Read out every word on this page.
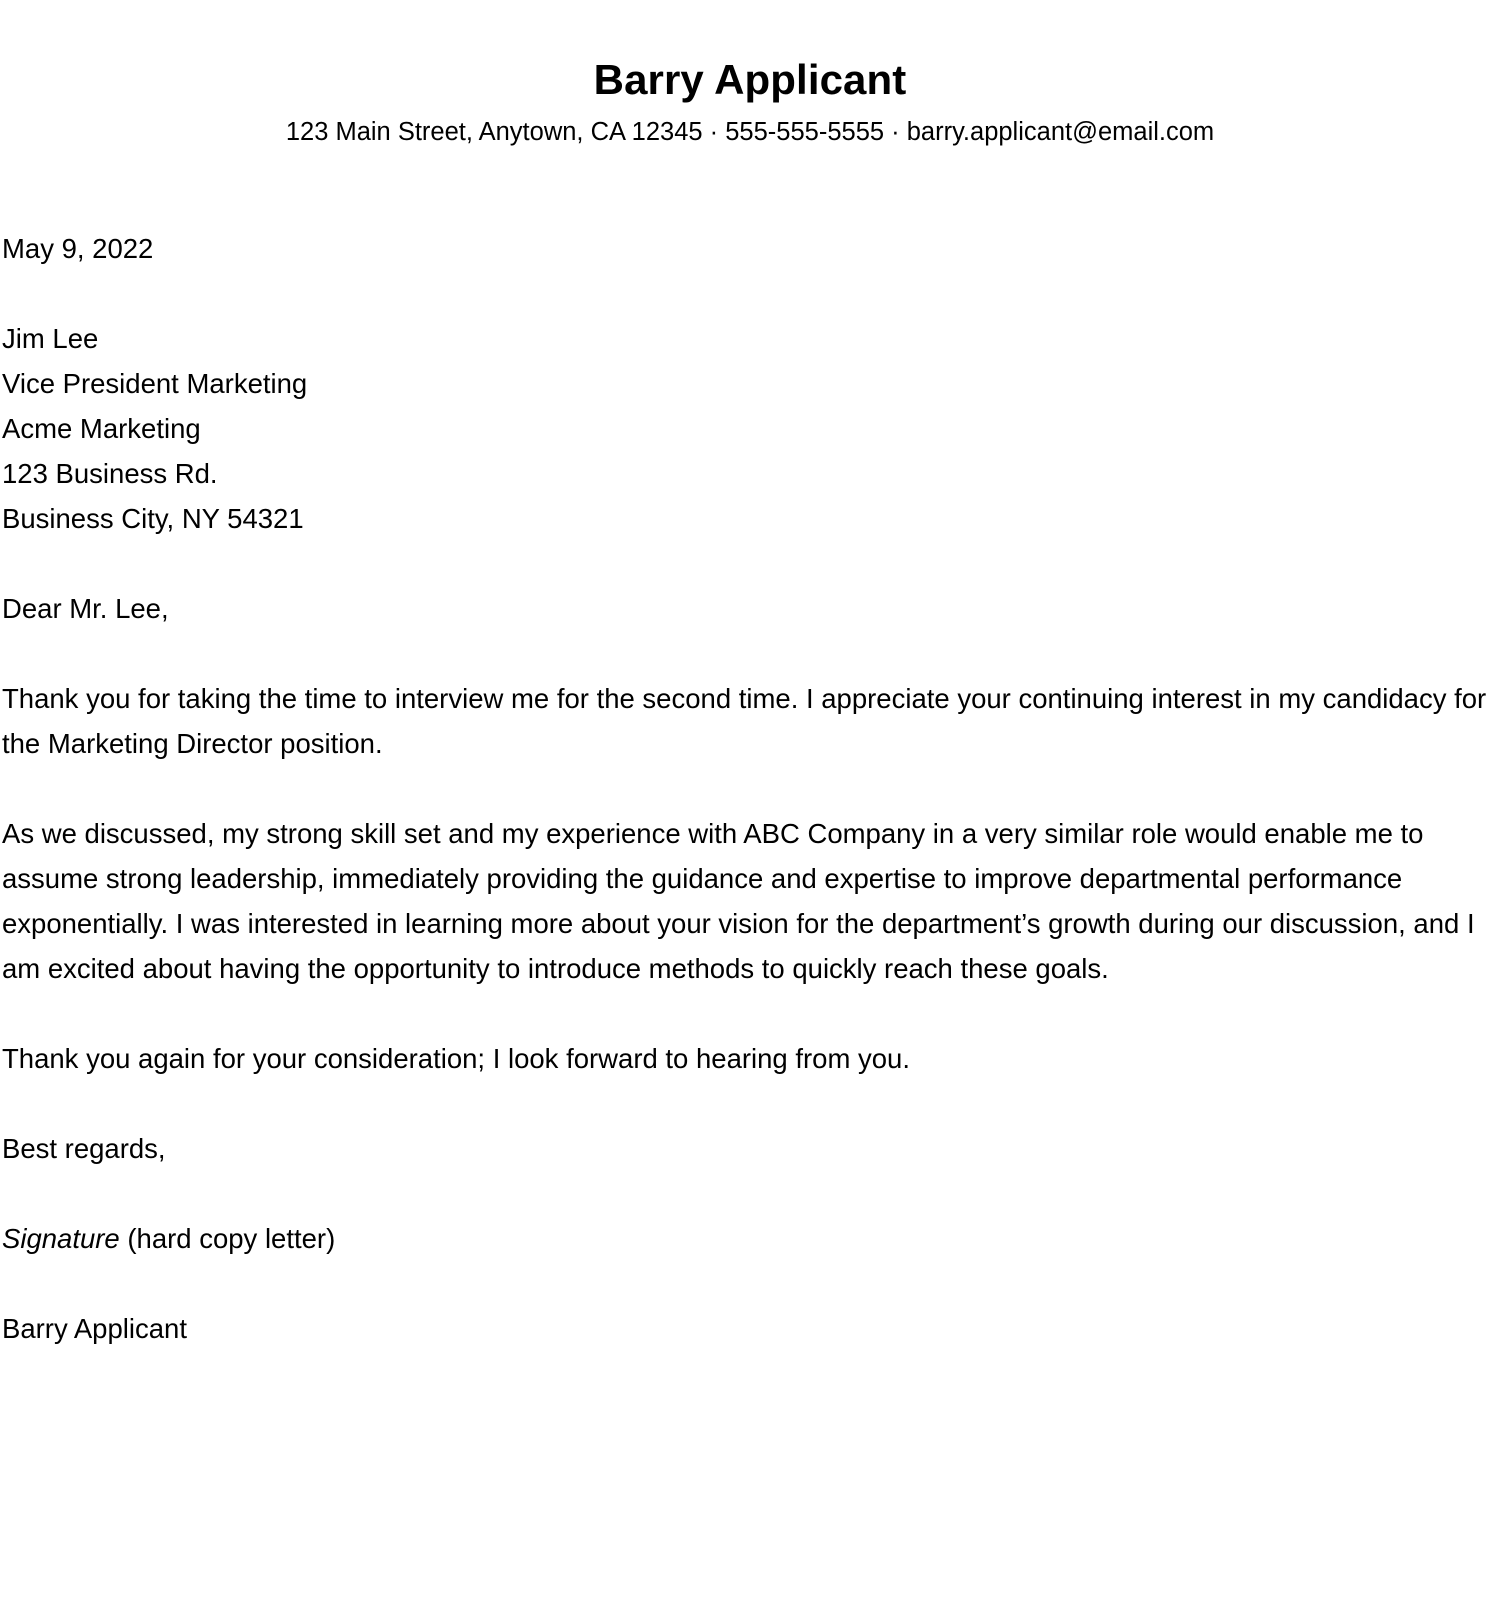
Barry Applicant
123 Main Street, Anytown, CA 12345 · 555-555-5555 · barry.applicant@email.com
May 9, 2022
Jim Lee
Vice President Marketing
Acme Marketing
123 Business Rd.
Business City, NY 54321
Dear Mr. Lee,

Thank you for taking the time to interview me for the second time. I appreciate your continuing interest in my candidacy for the Marketing Director position.

As we discussed, my strong skill set and my experience with ABC Company in a very similar role would enable me to assume strong leadership, immediately providing the guidance and expertise to improve departmental performance exponentially. I was interested in learning more about your vision for the department’s growth during our discussion, and I am excited about having the opportunity to introduce methods to quickly reach these goals.

Thank you again for your consideration; I look forward to hearing from you.

Best regards,
Signature (hard copy letter)
Barry Applicant
